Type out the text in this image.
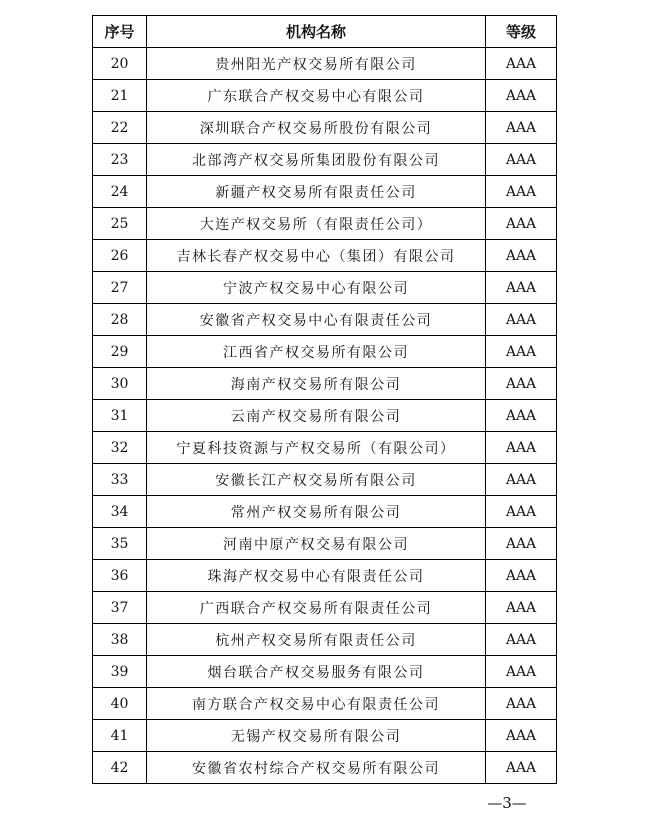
序号	机构名称	等级
20	贵州阳光产权交易所有限公司	AAA
21	广东联合产权交易中心有限公司	AAA
22	深圳联合产权交易所股份有限公司	AAA
23	北部湾产权交易所集团股份有限公司	AAA
24	新疆产权交易所有限责任公司	AAA
25	大连产权交易所（有限责任公司）	AAA
26	吉林长春产权交易中心（集团）有限公司	AAA
27	宁波产权交易中心有限公司	AAA
28	安徽省产权交易中心有限责任公司	AAA
29	江西省产权交易所有限公司	AAA
30	海南产权交易所有限公司	AAA
31	云南产权交易所有限公司	AAA
32	宁夏科技资源与产权交易所（有限公司）	AAA
33	安徽长江产权交易所有限公司	AAA
34	常州产权交易所有限公司	AAA
35	河南中原产权交易有限公司	AAA
36	珠海产权交易中心有限责任公司	AAA
37	广西联合产权交易所有限责任公司	AAA
38	杭州产权交易所有限责任公司	AAA
39	烟台联合产权交易服务有限公司	AAA
40	南方联合产权交易中心有限责任公司	AAA
41	无锡产权交易所有限公司	AAA
42	安徽省农村综合产权交易所有限公司	AAA
—3—
